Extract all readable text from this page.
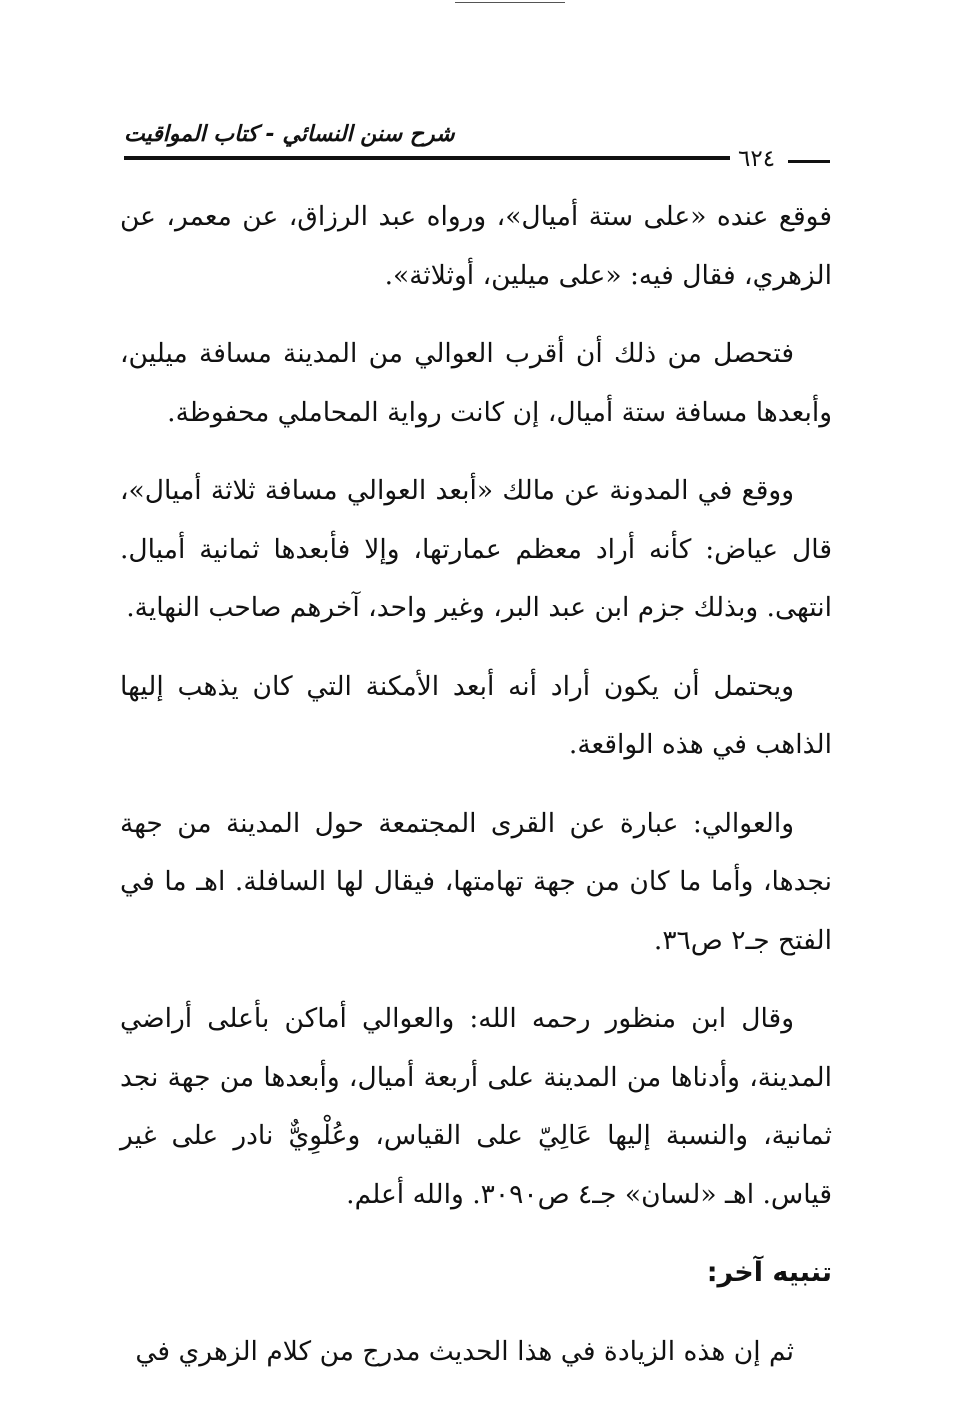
شرح سنن النسائي - كتاب المواقيت
٦٢٤

فوقع عنده «على ستة أميال»، ورواه عبد الرزاق، عن معمر، عن الزهري، فقال فيه: «على ميلين، أوثلاثة».

فتحصل من ذلك أن أقرب العوالي من المدينة مسافة ميلين، وأبعدها مسافة ستة أميال، إن كانت رواية المحاملي محفوظة.

ووقع في المدونة عن مالك «أبعد العوالي مسافة ثلاثة أميال»، قال عياض: كأنه أراد معظم عمارتها، وإلا فأبعدها ثمانية أميال. انتهى. وبذلك جزم ابن عبد البر، وغير واحد، آخرهم صاحب النهاية.

ويحتمل أن يكون أراد أنه أبعد الأمكنة التي كان يذهب إليها الذاهب في هذه الواقعة.

والعوالي: عبارة عن القرى المجتمعة حول المدينة من جهة نجدها، وأما ما كان من جهة تهامتها، فيقال لها السافلة. اهـ ما في الفتح جـ٢ ص٣٦.

وقال ابن منظور رحمه الله: والعوالي أماكن بأعلى أراضي المدينة، وأدناها من المدينة على أربعة أميال، وأبعدها من جهة نجد ثمانية، والنسبة إليها عَالِيّ على القياس، وعُلْوِيٌّ نادر على غير قياس. اهـ «لسان» جـ٤ ص٣٠٩٠. والله أعلم.

تنبيه آخر:

ثم إن هذه الزيادة في هذا الحديث مدرج من كلام الزهري في
